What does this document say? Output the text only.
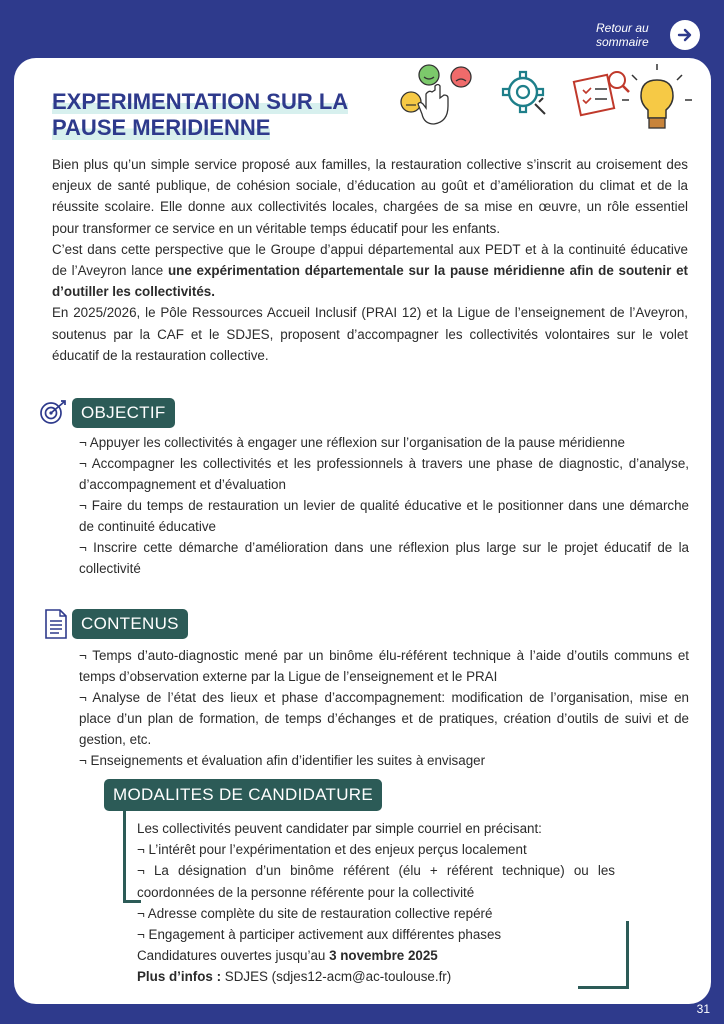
Retour au sommaire
EXPERIMENTATION SUR LA
PAUSE MERIDIENNE

Bien plus qu’un simple service proposé aux familles, la restauration collective s’inscrit au croisement des enjeux de santé publique, de cohésion sociale, d’éducation au goût et d’amélioration du climat et de la réussite scolaire. Elle donne aux collectivités locales, chargées de sa mise en œuvre, un rôle essentiel pour transformer ce service en un véritable temps éducatif pour les enfants.

C’est dans cette perspective que le Groupe d’appui départemental aux PEDT et à la continuité éducative de l’Aveyron lance une expérimentation départementale sur la pause méridienne afin de soutenir et d’outiller les collectivités.

En 2025/2026, le Pôle Ressources Accueil Inclusif (PRAI 12) et la Ligue de l’enseignement de l’Aveyron, soutenus par la CAF et le SDJES, proposent d’accompagner les collectivités volontaires sur le volet éducatif de la restauration collective.

OBJECTIF
¬ Appuyer les collectivités à engager une réflexion sur l’organisation de la pause méridienne
¬ Accompagner les collectivités et les professionnels à travers une phase de diagnostic, d’analyse, d’accompagnement et d’évaluation
¬ Faire du temps de restauration un levier de qualité éducative et le positionner dans une démarche de continuité éducative
¬ Inscrire cette démarche d’amélioration dans une réflexion plus large sur le projet éducatif de la collectivité
CONTENUS
¬ Temps d’auto-diagnostic mené par un binôme élu-référent technique à l’aide d’outils communs et temps d’observation externe par la Ligue de l’enseignement et le PRAI
¬ Analyse de l’état des lieux et phase d’accompagnement: modification de l’organisation, mise en place d’un plan de formation, de temps d’échanges et de pratiques, création d’outils de suivi et de gestion, etc.
¬ Enseignements et évaluation afin d’identifier les suites à envisager
MODALITES DE CANDIDATURE

Les collectivités peuvent candidater par simple courriel en précisant:

¬ L’intérêt pour l’expérimentation et des enjeux perçus localement

¬ La désignation d’un binôme référent (élu + référent technique) ou les coordonnées de la personne référente pour la collectivité

¬ Adresse complète du site de restauration collective repéré

¬ Engagement à participer activement aux différentes phases

Candidatures ouvertes jusqu’au 3 novembre 2025

Plus d’infos : SDJES (sdjes12-acm@ac-toulouse.fr)

31
